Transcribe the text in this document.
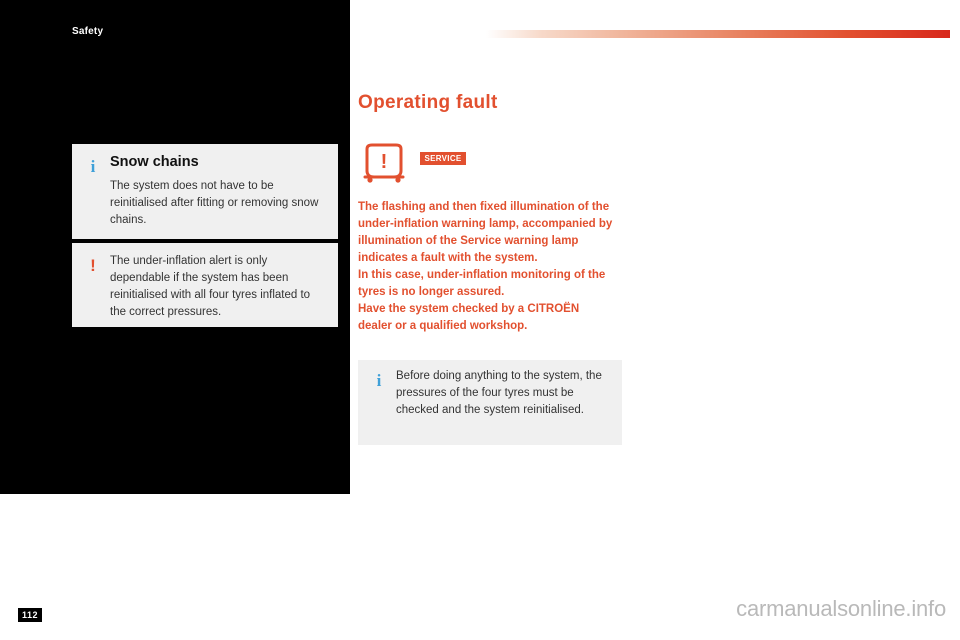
Safety
i	Snow chains
The system does not have to be reinitialised after fitting or removing snow chains.
!	The under-inflation alert is only dependable if the system has been reinitialised with all four tyres inflated to the correct pressures.
Operating fault
!	SERVICE

The flashing and then fixed illumination of the under-inflation warning lamp, accompanied by illumination of the Service warning lamp indicates a fault with the system.

In this case, under-inflation monitoring of the tyres is no longer assured.

Have the system checked by a CITROËN dealer or a qualified workshop.

i	Before doing anything to the system, the pressures of the four tyres must be checked and the system reinitialised.
112	carmanualsonline.info
